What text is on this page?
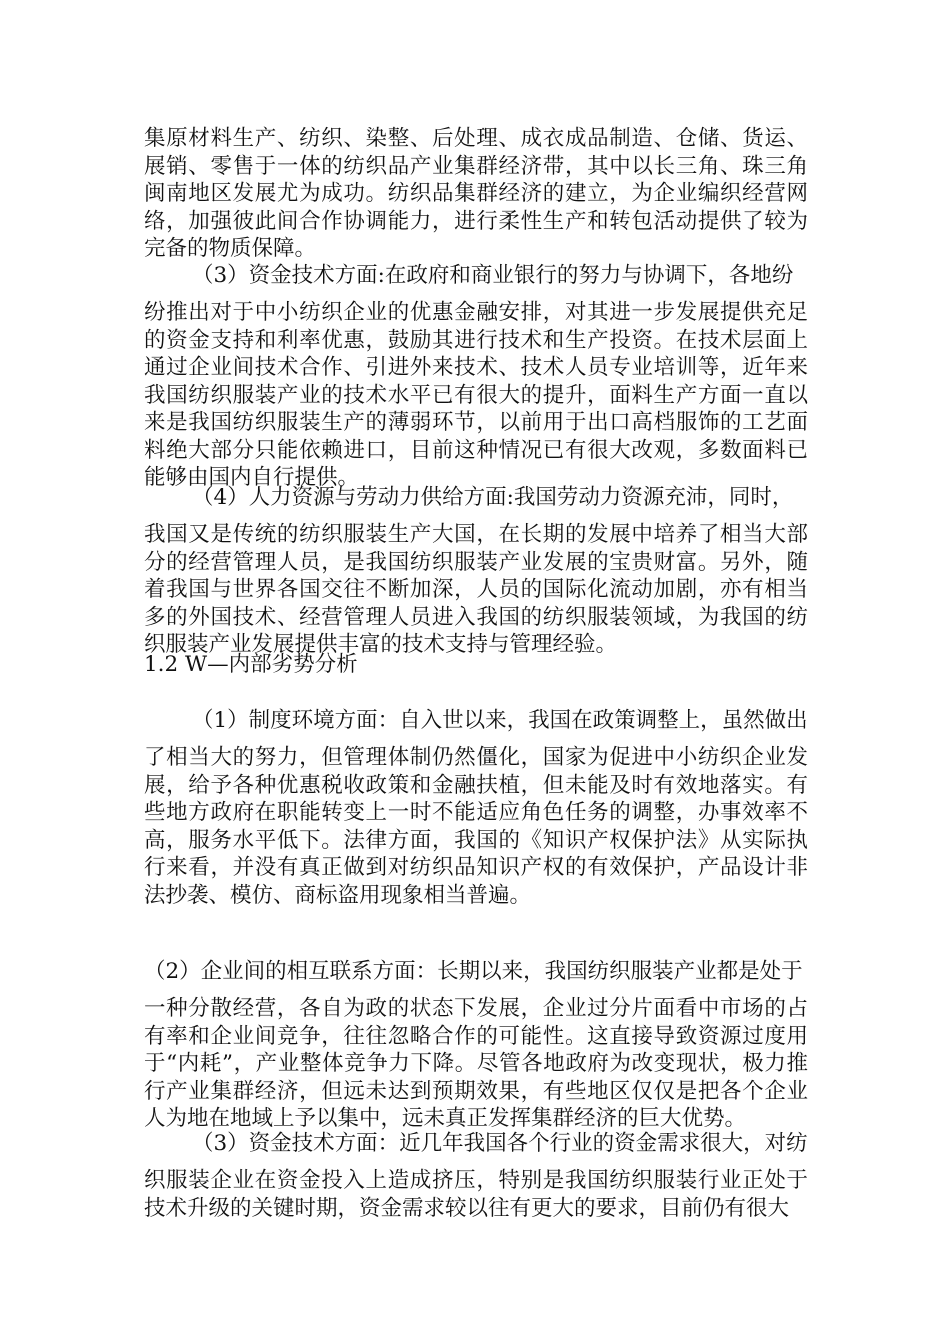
集原材料生产、纺织、染整、后处理、成衣成品制造、仓储、货运、展销、零售于一体的纺织品产业集群经济带，其中以长三角、珠三角闽南地区发展尤为成功。纺织品集群经济的建立，为企业编织经营网络，加强彼此间合作协调能力，进行柔性生产和转包活动提供了较为完备的物质保障。

（3）资金技术方面:在政府和商业银行的努力与协调下，各地纷

纷推出对于中小纺织企业的优惠金融安排，对其进一步发展提供充足的资金支持和利率优惠，鼓励其进行技术和生产投资。在技术层面上通过企业间技术合作、引进外来技术、技术人员专业培训等，近年来我国纺织服装产业的技术水平已有很大的提升，面料生产方面一直以来是我国纺织服装生产的薄弱环节，以前用于出口高档服饰的工艺面料绝大部分只能依赖进口，目前这种情况已有很大改观，多数面料已能够由国内自行提供。

（4）人力资源与劳动力供给方面:我国劳动力资源充沛，同时，

我国又是传统的纺织服装生产大国，在长期的发展中培养了相当大部分的经营管理人员，是我国纺织服装产业发展的宝贵财富。另外，随着我国与世界各国交往不断加深，人员的国际化流动加剧，亦有相当多的外国技术、经营管理人员进入我国的纺织服装领域，为我国的纺织服装产业发展提供丰富的技术支持与管理经验。

1.2 W—内部劣势分析

（1）制度环境方面：自入世以来，我国在政策调整上，虽然做出

了相当大的努力，但管理体制仍然僵化，国家为促进中小纺织企业发展，给予各种优惠税收政策和金融扶植，但未能及时有效地落实。有些地方政府在职能转变上一时不能适应角色任务的调整，办事效率不高，服务水平低下。法律方面，我国的《知识产权保护法》从实际执行来看，并没有真正做到对纺织品知识产权的有效保护，产品设计非法抄袭、模仿、商标盗用现象相当普遍。

（2）企业间的相互联系方面：长期以来，我国纺织服装产业都是处于

一种分散经营，各自为政的状态下发展，企业过分片面看中市场的占有率和企业间竞争，往往忽略合作的可能性。这直接导致资源过度用于“内耗”，产业整体竞争力下降。尽管各地政府为改变现状，极力推行产业集群经济，但远未达到预期效果，有些地区仅仅是把各个企业人为地在地域上予以集中，远未真正发挥集群经济的巨大优势。

（3）资金技术方面：近几年我国各个行业的资金需求很大，对纺

织服装企业在资金投入上造成挤压，特别是我国纺织服装行业正处于技术升级的关键时期，资金需求较以往有更大的要求，目前仍有很大
